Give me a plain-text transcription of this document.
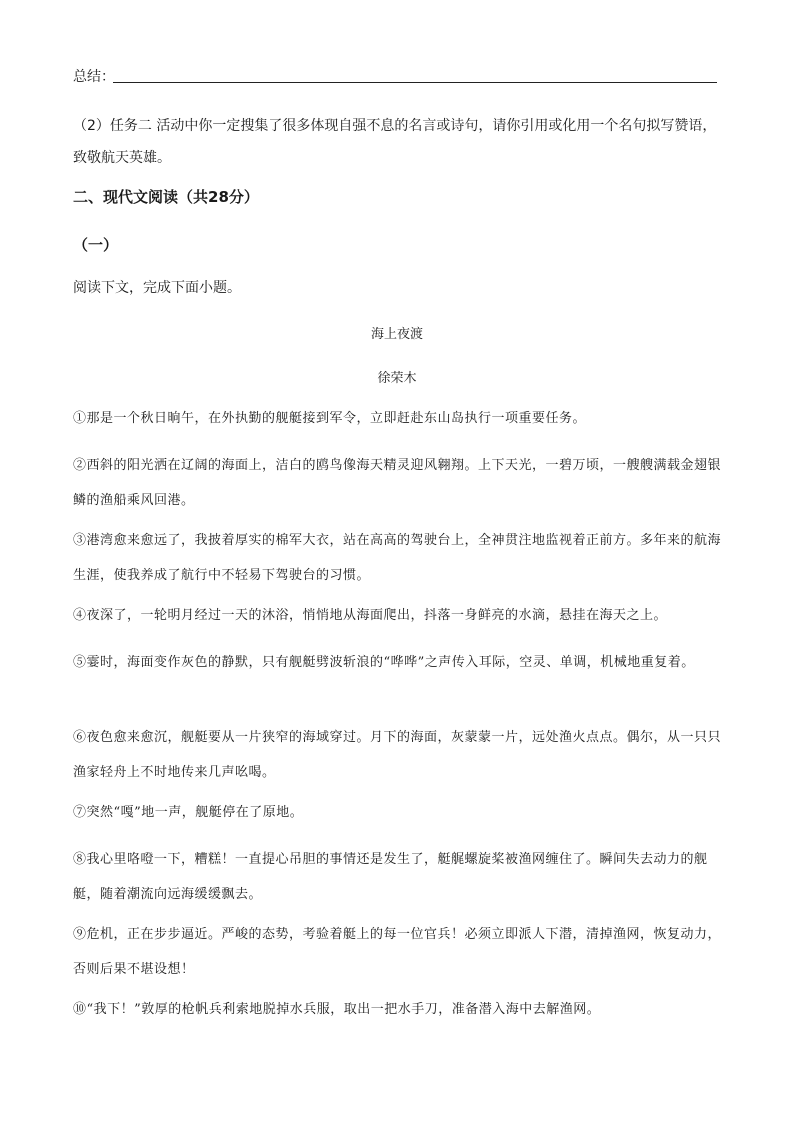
总结：
（2）任务二 活动中你一定搜集了很多体现自强不息的名言或诗句，请你引用或化用一个名句拟写赞语，致敬航天英雄。
二、现代文阅读（共28分）
（一）
阅读下文，完成下面小题。
海上夜渡
徐荣木
①那是一个秋日晌午，在外执勤的舰艇接到军令，立即赶赴东山岛执行一项重要任务。
②西斜的阳光洒在辽阔的海面上，洁白的鸥鸟像海天精灵迎风翱翔。上下天光，一碧万顷，一艘艘满载金翅银鳞的渔船乘风回港。
③港湾愈来愈远了，我披着厚实的棉军大衣，站在高高的驾驶台上，全神贯注地监视着正前方。多年来的航海生涯，使我养成了航行中不轻易下驾驶台的习惯。
④夜深了，一轮明月经过一天的沐浴，悄悄地从海面爬出，抖落一身鲜亮的水滴，悬挂在海天之上。
⑤霎时，海面变作灰色的静默，只有舰艇劈波斩浪的“哗哗”之声传入耳际，空灵、单调，机械地重复着。
⑥夜色愈来愈沉，舰艇要从一片狭窄的海域穿过。月下的海面，灰蒙蒙一片，远处渔火点点。偶尔，从一只只渔家轻舟上不时地传来几声吆喝。
⑦突然“嘎”地一声，舰艇停在了原地。
⑧我心里咯噔一下，糟糕！一直提心吊胆的事情还是发生了，艇艉螺旋桨被渔网缠住了。瞬间失去动力的舰艇，随着潮流向远海缓缓飘去。
⑨危机，正在步步逼近。严峻的态势，考验着艇上的每一位官兵！必须立即派人下潜，清掉渔网，恢复动力，否则后果不堪设想！
⑩“我下！”敦厚的枪帆兵利索地脱掉水兵服，取出一把水手刀，准备潜入海中去解渔网。
